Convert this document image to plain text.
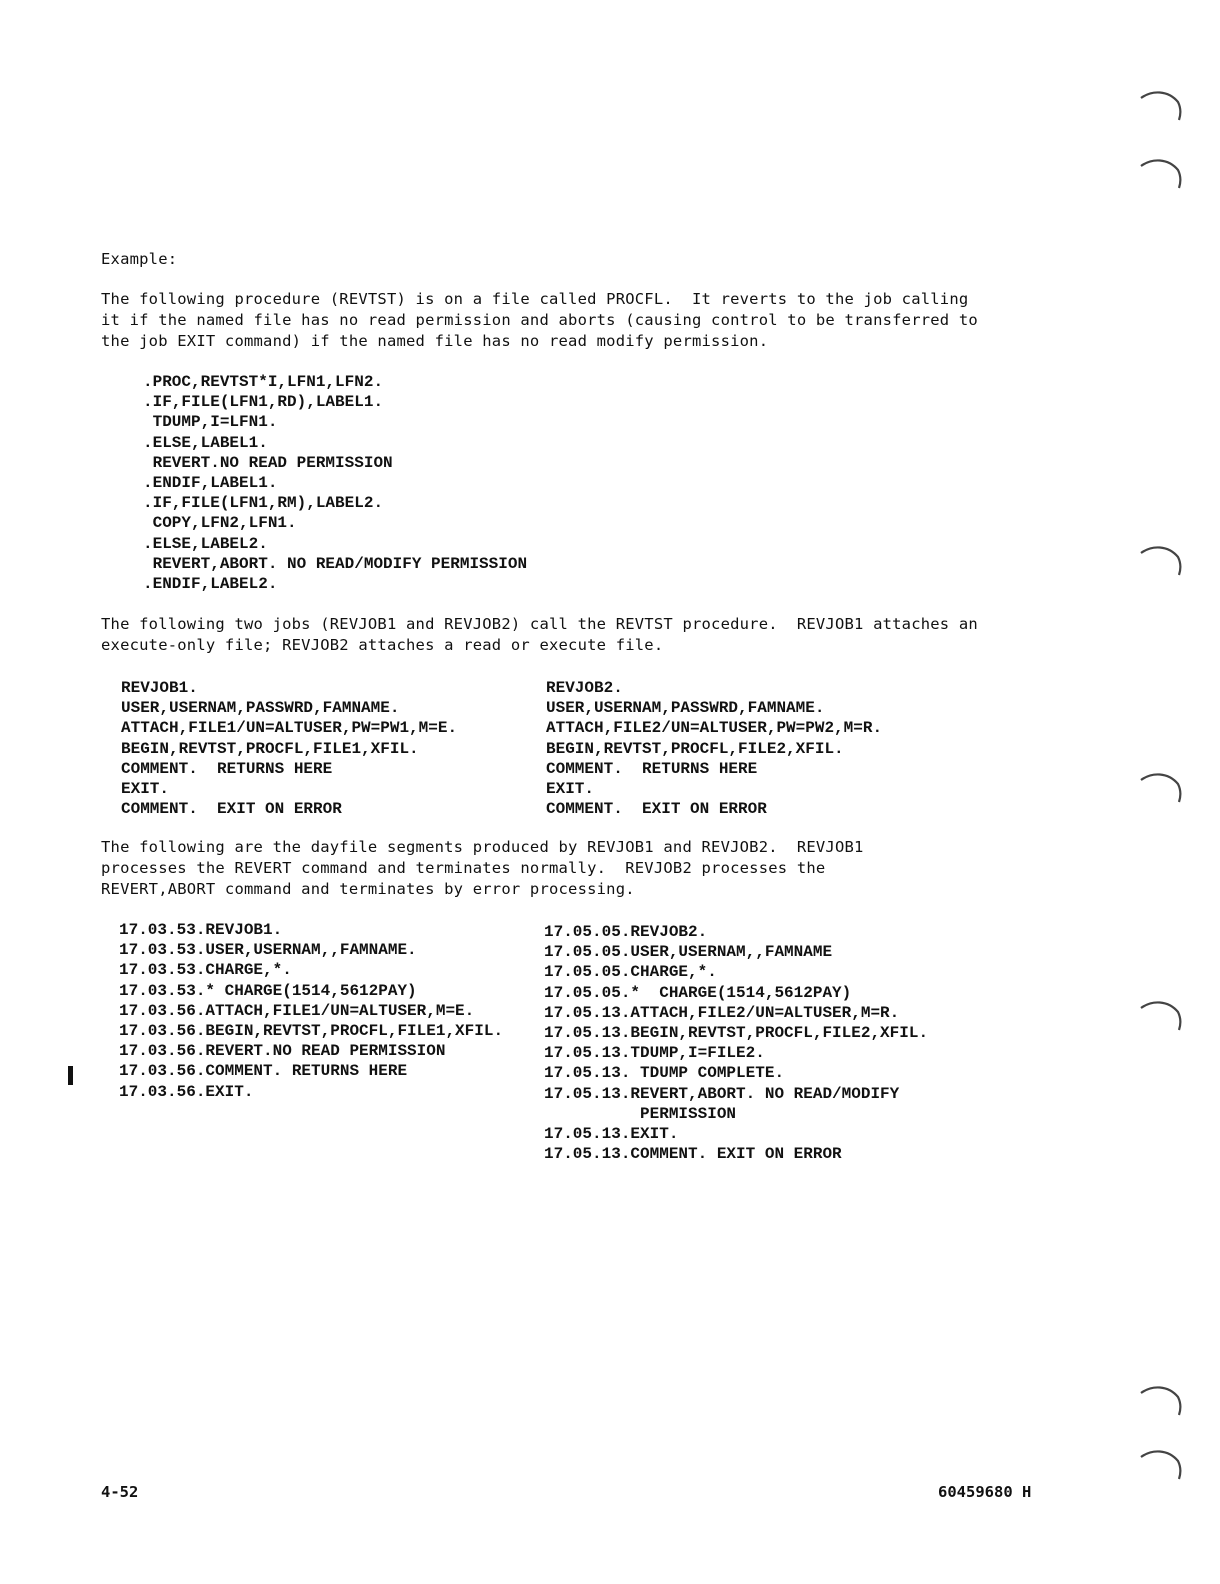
Example:
The following procedure (REVTST) is on a file called PROCFL.  It reverts to the job calling
it if the named file has no read permission and aborts (causing control to be transferred to
the job EXIT command) if the named file has no read modify permission.
.PROC,REVTST*I,LFN1,LFN2.
.IF,FILE(LFN1,RD),LABEL1.
TDUMP,I=LFN1.
.ELSE,LABEL1.
REVERT.NO READ PERMISSION
.ENDIF,LABEL1.
.IF,FILE(LFN1,RM),LABEL2.
COPY,LFN2,LFN1.
.ELSE,LABEL2.
REVERT,ABORT. NO READ/MODIFY PERMISSION
.ENDIF,LABEL2.
The following two jobs (REVJOB1 and REVJOB2) call the REVTST procedure.  REVJOB1 attaches an
execute-only file; REVJOB2 attaches a read or execute file.
REVJOB1.
USER,USERNAM,PASSWRD,FAMNAME.
ATTACH,FILE1/UN=ALTUSER,PW=PW1,M=E.
BEGIN,REVTST,PROCFL,FILE1,XFIL.
COMMENT.  RETURNS HERE
EXIT.
COMMENT.  EXIT ON ERROR
REVJOB2.
USER,USERNAM,PASSWRD,FAMNAME.
ATTACH,FILE2/UN=ALTUSER,PW=PW2,M=R.
BEGIN,REVTST,PROCFL,FILE2,XFIL.
COMMENT.  RETURNS HERE
EXIT.
COMMENT.  EXIT ON ERROR
The following are the dayfile segments produced by REVJOB1 and REVJOB2.  REVJOB1
processes the REVERT command and terminates normally.  REVJOB2 processes the
REVERT,ABORT command and terminates by error processing.
17.03.53.REVJOB1.
17.03.53.USER,USERNAM,,FAMNAME.
17.03.53.CHARGE,*.
17.03.53.* CHARGE(1514,5612PAY)
17.03.56.ATTACH,FILE1/UN=ALTUSER,M=E.
17.03.56.BEGIN,REVTST,PROCFL,FILE1,XFIL.
17.03.56.REVERT.NO READ PERMISSION
17.03.56.COMMENT. RETURNS HERE
17.03.56.EXIT.
17.05.05.REVJOB2.
17.05.05.USER,USERNAM,,FAMNAME
17.05.05.CHARGE,*.
17.05.05.*  CHARGE(1514,5612PAY)
17.05.13.ATTACH,FILE2/UN=ALTUSER,M=R.
17.05.13.BEGIN,REVTST,PROCFL,FILE2,XFIL.
17.05.13.TDUMP,I=FILE2.
17.05.13. TDUMP COMPLETE.
17.05.13.REVERT,ABORT. NO READ/MODIFY
PERMISSION
17.05.13.EXIT.
17.05.13.COMMENT. EXIT ON ERROR
4-52	60459680 H
